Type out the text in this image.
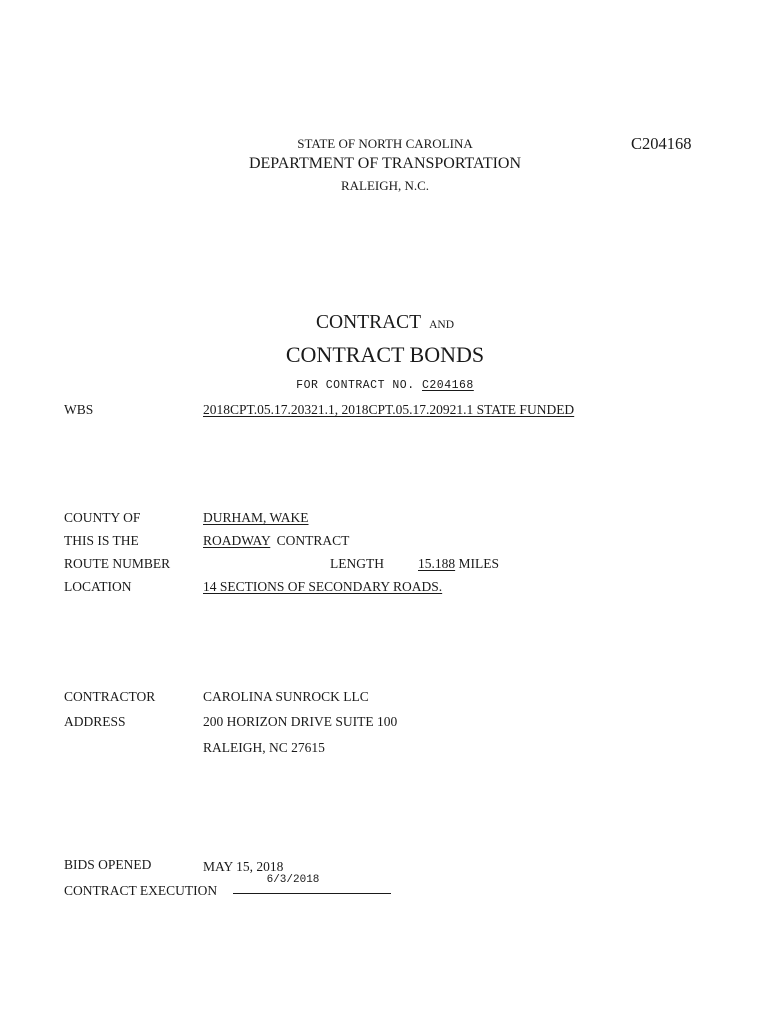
STATE OF NORTH CAROLINA	C204168
DEPARTMENT OF TRANSPORTATION
RALEIGH, N.C.
CONTRACT AND
CONTRACT BONDS
FOR CONTRACT NO. C204168
WBS	2018CPT.05.17.20321.1, 2018CPT.05.17.20921.1 STATE FUNDED
COUNTY OF	DURHAM, WAKE
THIS IS THE	ROADWAY CONTRACT
ROUTE NUMBER	LENGTH	15.188 MILES
LOCATION	14 SECTIONS OF SECONDARY ROADS.
CONTRACTOR	CAROLINA SUNROCK LLC
ADDRESS	200 HORIZON DRIVE SUITE 100
RALEIGH, NC 27615
BIDS OPENED	MAY 15, 2018
CONTRACT EXECUTION
6/3/2018
